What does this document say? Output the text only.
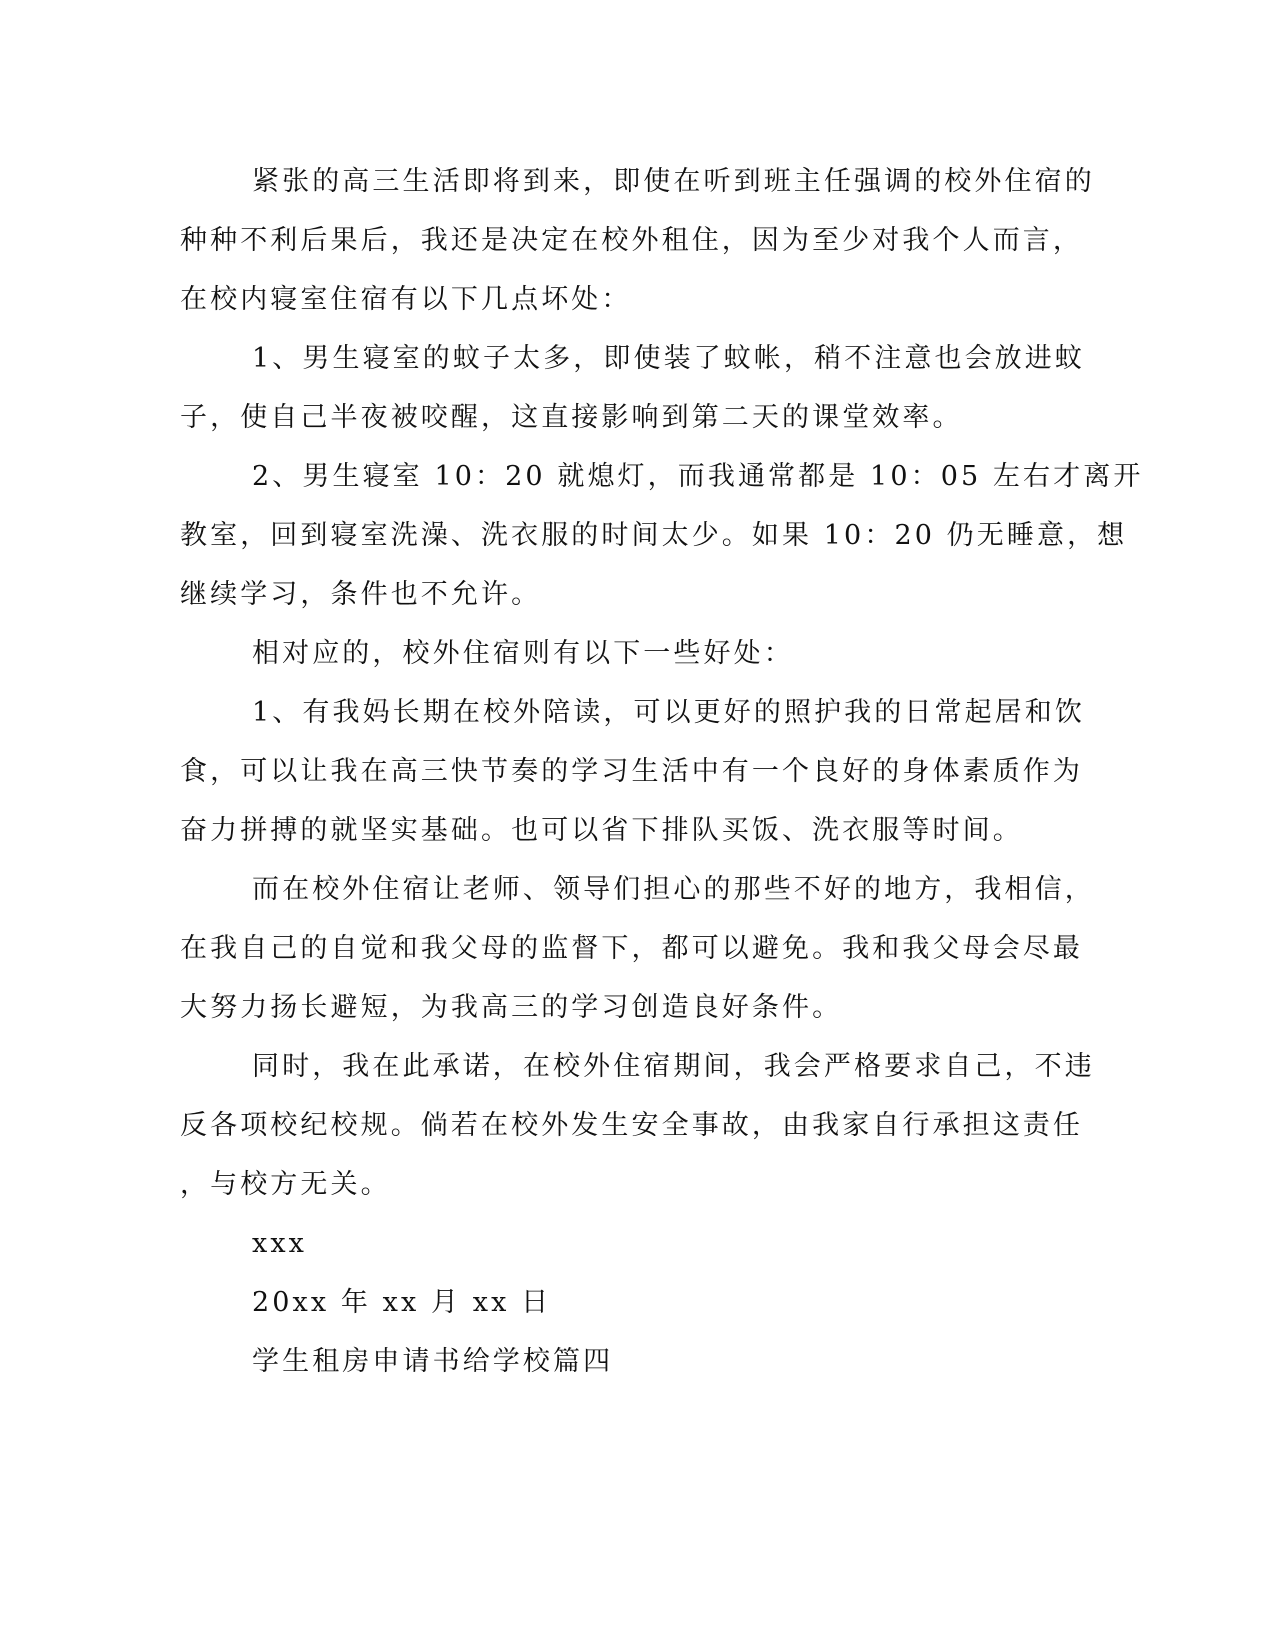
紧张的高三生活即将到来，即使在听到班主任强调的校外住宿的
种种不利后果后，我还是决定在校外租住，因为至少对我个人而言，
在校内寝室住宿有以下几点坏处：
1、男生寝室的蚊子太多，即使装了蚊帐，稍不注意也会放进蚊
子，使自己半夜被咬醒，这直接影响到第二天的课堂效率。
2、男生寝室 10：20 就熄灯，而我通常都是 10：05 左右才离开
教室，回到寝室洗澡、洗衣服的时间太少。如果 10：20 仍无睡意，想
继续学习，条件也不允许。
相对应的，校外住宿则有以下一些好处：
1、有我妈长期在校外陪读，可以更好的照护我的日常起居和饮
食，可以让我在高三快节奏的学习生活中有一个良好的身体素质作为
奋力拼搏的就坚实基础。也可以省下排队买饭、洗衣服等时间。
而在校外住宿让老师、领导们担心的那些不好的地方，我相信，
在我自己的自觉和我父母的监督下，都可以避免。我和我父母会尽最
大努力扬长避短，为我高三的学习创造良好条件。
同时，我在此承诺，在校外住宿期间，我会严格要求自己，不违
反各项校纪校规。倘若在校外发生安全事故，由我家自行承担这责任
，与校方无关。
xxx
20xx 年 xx 月 xx 日
学生租房申请书给学校篇四
